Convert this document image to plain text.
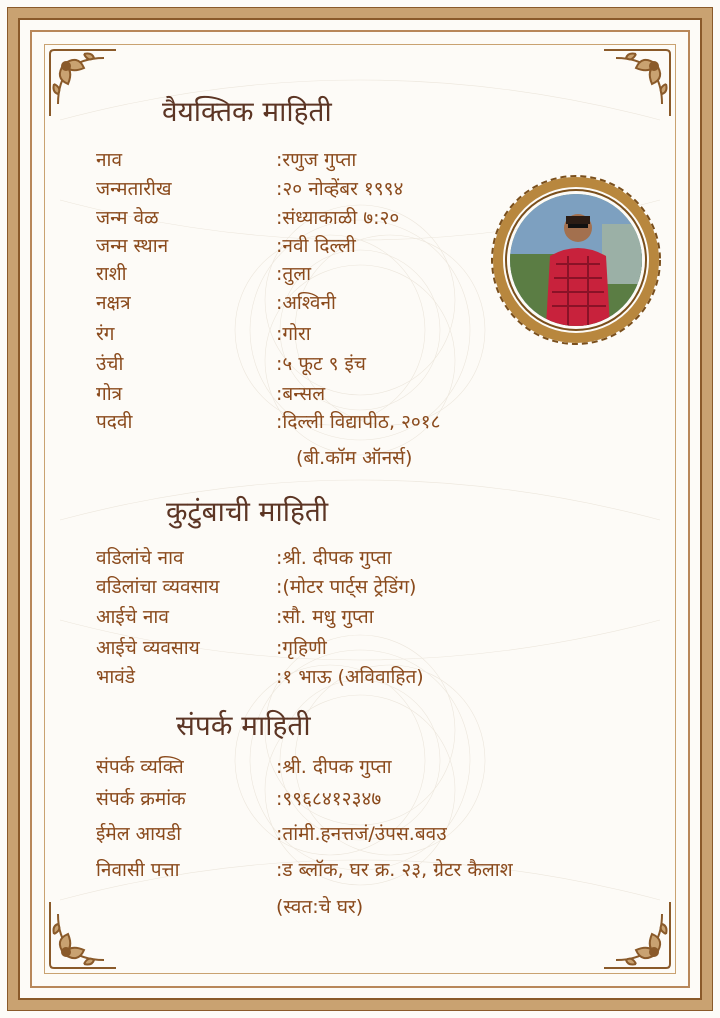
वैयक्तिक माहिती
नाव	: रणुज गुप्ता
जन्मतारीख	: २० नोव्हेंबर १९९४
जन्म वेळ	: संध्याकाळी ७:२०
जन्म स्थान	: नवी दिल्ली
राशी	: तुला
नक्षत्र	: अश्विनी
रंग	: गोरा
उंची	: ५ फूट ९ इंच
गोत्र	: बन्सल
पदवी	: दिल्ली विद्यापीठ, २०१८
(बी.कॉम ऑनर्स)
कुटुंबाची माहिती
वडिलांचे नाव	: श्री. दीपक गुप्ता
वडिलांचा व्यवसाय	: (मोटर पार्ट्स ट्रेडिंग)
आईचे नाव	: सौ. मधु गुप्ता
आईचे व्यवसाय	: गृहिणी
भावंडे	: १ भाऊ (अविवाहित)
संपर्क माहिती
संपर्क व्यक्ति	: श्री. दीपक गुप्ता
संपर्क क्रमांक	: ९९६८४१२३४७
ईमेल आयडी	: तांमी.हनत्तजं/उंपस.बवउ
निवासी पत्ता	: ड ब्लॉक, घर क्र. २३, ग्रेटर कैलाश
(स्वत:चे घर)
